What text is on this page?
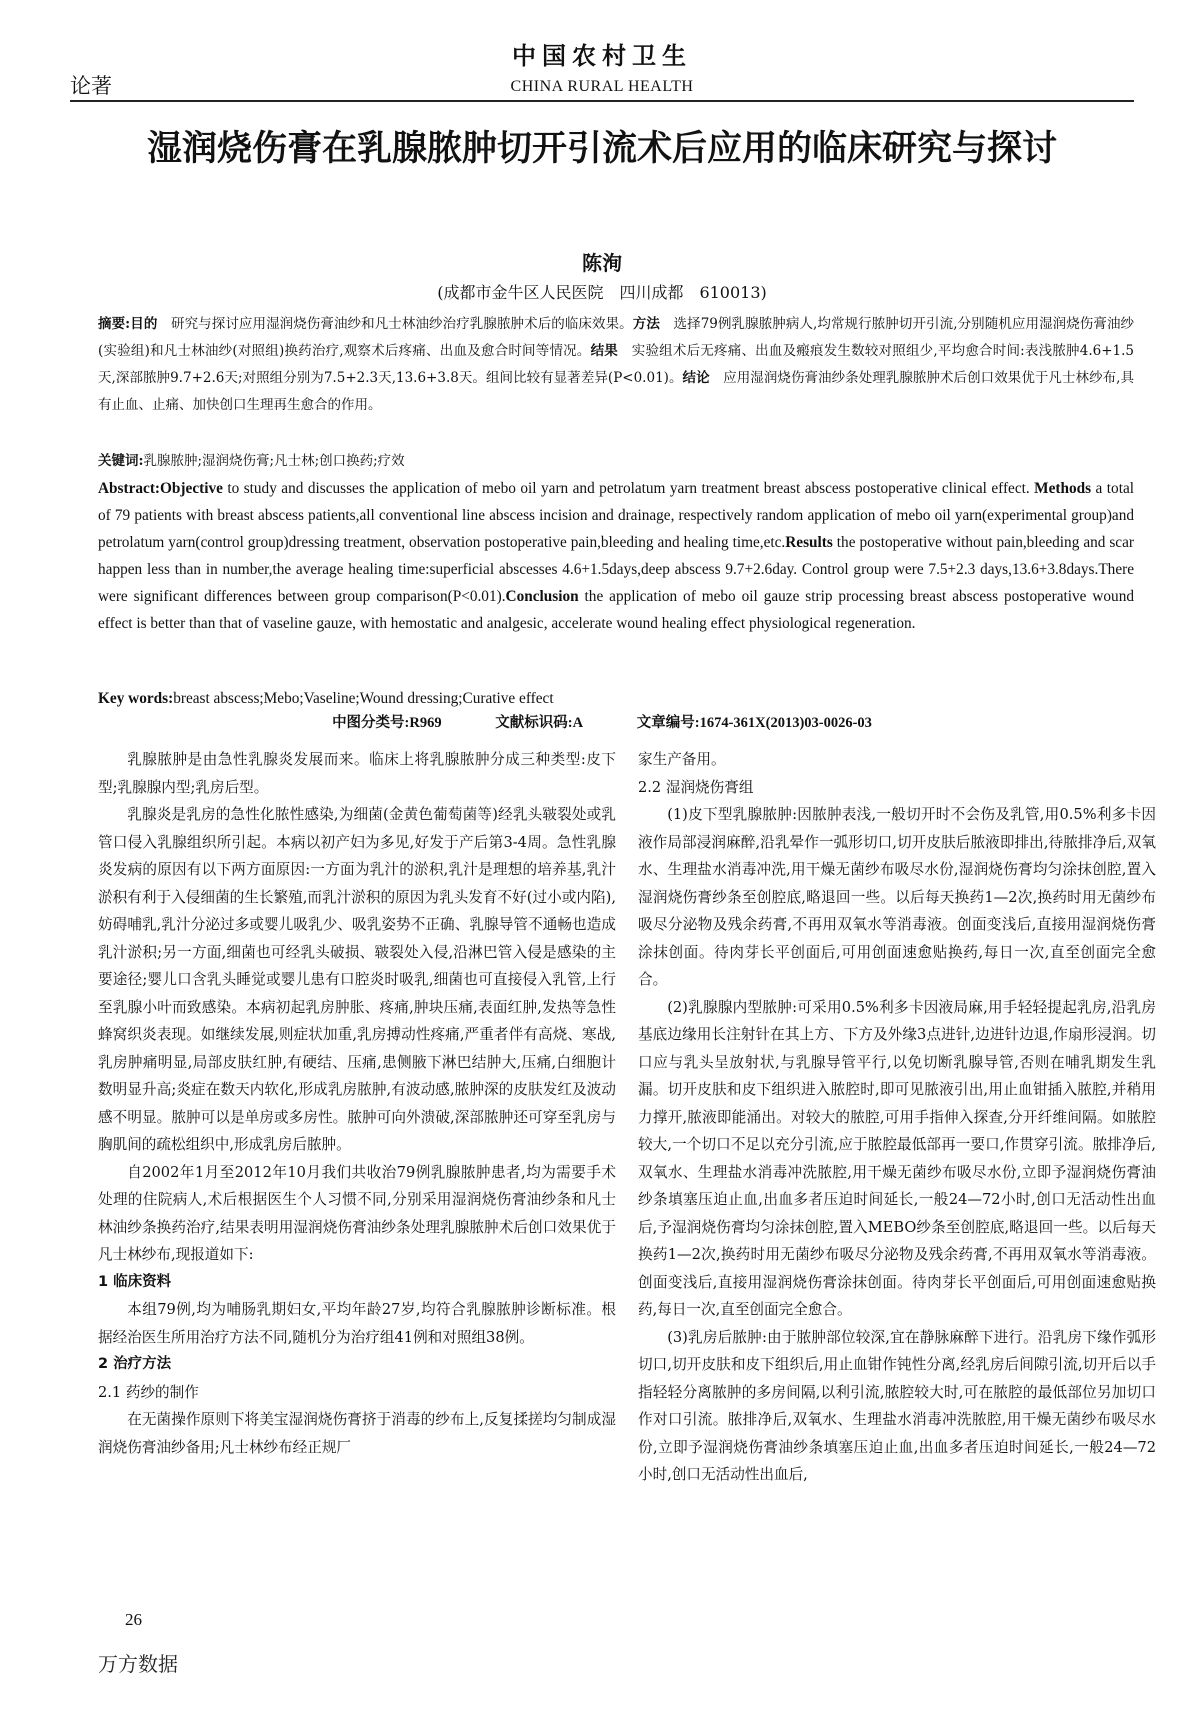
中国农村卫生
论著	CHINA RURAL HEALTH
湿润烧伤膏在乳腺脓肿切开引流术后应用的临床研究与探讨
陈洵
(成都市金牛区人民医院　四川成都　610013)
摘要:目的　 研究与探讨应用湿润烧伤膏油纱和凡士林油纱治疗乳腺脓肿术后的临床效果。方法　 选择79例乳腺脓肿病人,均常规行脓肿切开引流,分别随机应用湿润烧伤膏油纱(实验组)和凡士林油纱(对照组)换药治疗,观察术后疼痛、出血及愈合时间等情况。结果　 实验组术后无疼痛、出血及瘢痕发生数较对照组少,平均愈合时间:表浅脓肿4.6+1.5天,深部脓肿9.7+2.6天;对照组分别为7.5+2.3天,13.6+3.8天。组间比较有显著差异(P<0.01)。结论　 应用湿润烧伤膏油纱条处理乳腺脓肿术后创口效果优于凡士林纱布,具有止血、止痛、加快创口生理再生愈合的作用。
关键词:乳腺脓肿;湿润烧伤膏;凡士林;创口换药;疗效
Abstract:Objective to study and discusses the application of mebo oil yarn and petrolatum yarn treatment breast abscess postoperative clinical effect. Methods a total of 79 patients with breast abscess patients,all conventional line abscess incision and drainage, respectively random application of mebo oil yarn(experimental group)and petrolatum yarn(control group)dressing treatment, observation postoperative pain,bleeding and healing time,etc.Results the postoperative without pain,bleeding and scar happen less than in number,the average healing time:superficial abscesses 4.6+1.5days,deep abscess 9.7+2.6day. Control group were 7.5+2.3 days,13.6+3.8days.There were significant differences between group comparison(P<0.01).Conclusion the application of mebo oil gauze strip processing breast abscess postoperative wound effect is better than that of vaseline gauze, with hemostatic and analgesic, accelerate wound healing effect physiological regeneration.
Key words:breast abscess;Mebo;Vaseline;Wound dressing;Curative effect
中图分类号:R969	文献标识码:A	文章编号:1674-361X(2013)03-0026-03

乳腺脓肿是由急性乳腺炎发展而来。临床上将乳腺脓肿分成三种类型:皮下型;乳腺腺内型;乳房后型。

乳腺炎是乳房的急性化脓性感染,为细菌(金黄色葡萄菌等)经乳头皲裂处或乳管口侵入乳腺组织所引起。本病以初产妇为多见,好发于产后第3-4周。急性乳腺炎发病的原因有以下两方面原因:一方面为乳汁的淤积,乳汁是理想的培养基,乳汁淤积有利于入侵细菌的生长繁殖,而乳汁淤积的原因为乳头发育不好(过小或内陷),妨碍哺乳,乳汁分泌过多或婴儿吸乳少、吸乳姿势不正确、乳腺导管不通畅也造成乳汁淤积;另一方面,细菌也可经乳头破损、皲裂处入侵,沿淋巴管入侵是感染的主要途径;婴儿口含乳头睡觉或婴儿患有口腔炎时吸乳,细菌也可直接侵入乳管,上行至乳腺小叶而致感染。本病初起乳房肿胀、疼痛,肿块压痛,表面红肿,发热等急性蜂窝织炎表现。如继续发展,则症状加重,乳房搏动性疼痛,严重者伴有高烧、寒战,乳房肿痛明显,局部皮肤红肿,有硬结、压痛,患侧腋下淋巴结肿大,压痛,白细胞计数明显升高;炎症在数天内软化,形成乳房脓肿,有波动感,脓肿深的皮肤发红及波动感不明显。脓肿可以是单房或多房性。脓肿可向外溃破,深部脓肿还可穿至乳房与胸肌间的疏松组织中,形成乳房后脓肿。

自2002年1月至2012年10月我们共收治79例乳腺脓肿患者,均为需要手术处理的住院病人,术后根据医生个人习惯不同,分别采用湿润烧伤膏油纱条和凡士林油纱条换药治疗,结果表明用湿润烧伤膏油纱条处理乳腺脓肿术后创口效果优于凡士林纱布,现报道如下:

1 临床资料

本组79例,均为哺肠乳期妇女,平均年龄27岁,均符合乳腺脓肿诊断标准。根据经治医生所用治疗方法不同,随机分为治疗组41例和对照组38例。

2 治疗方法

2.1 药纱的制作

在无菌操作原则下将美宝湿润烧伤膏挤于消毒的纱布上,反复揉搓均匀制成湿润烧伤膏油纱备用;凡士林纱布经正规厂

家生产备用。

2.2 湿润烧伤膏组

(1)皮下型乳腺脓肿:因脓肿表浅,一般切开时不会伤及乳管,用0.5%利多卡因液作局部浸润麻醉,沿乳晕作一弧形切口,切开皮肤后脓液即排出,待脓排净后,双氧水、生理盐水消毒冲洗,用干燥无菌纱布吸尽水份,湿润烧伤膏均匀涂抹创腔,置入湿润烧伤膏纱条至创腔底,略退回一些。以后每天换药1—2次,换药时用无菌纱布吸尽分泌物及残余药膏,不再用双氧水等消毒液。创面变浅后,直接用湿润烧伤膏涂抹创面。待肉芽长平创面后,可用创面速愈贴换药,每日一次,直至创面完全愈合。

(2)乳腺腺内型脓肿:可采用0.5%利多卡因液局麻,用手轻轻提起乳房,沿乳房基底边缘用长注射针在其上方、下方及外缘3点进针,边进针边退,作扇形浸润。切口应与乳头呈放射状,与乳腺导管平行,以免切断乳腺导管,否则在哺乳期发生乳漏。切开皮肤和皮下组织进入脓腔时,即可见脓液引出,用止血钳插入脓腔,并稍用力撑开,脓液即能涌出。对较大的脓腔,可用手指伸入探查,分开纤维间隔。如脓腔较大,一个切口不足以充分引流,应于脓腔最低部再一要口,作贯穿引流。脓排净后,双氧水、生理盐水消毒冲洗脓腔,用干燥无菌纱布吸尽水份,立即予湿润烧伤膏油纱条填塞压迫止血,出血多者压迫时间延长,一般24—72小时,创口无活动性出血后,予湿润烧伤膏均匀涂抹创腔,置入MEBO纱条至创腔底,略退回一些。以后每天换药1—2次,换药时用无菌纱布吸尽分泌物及残余药膏,不再用双氧水等消毒液。创面变浅后,直接用湿润烧伤膏涂抹创面。待肉芽长平创面后,可用创面速愈贴换药,每日一次,直至创面完全愈合。

(3)乳房后脓肿:由于脓肿部位较深,宜在静脉麻醉下进行。沿乳房下缘作弧形切口,切开皮肤和皮下组织后,用止血钳作钝性分离,经乳房后间隙引流,切开后以手指轻轻分离脓肿的多房间隔,以利引流,脓腔较大时,可在脓腔的最低部位另加切口作对口引流。脓排净后,双氧水、生理盐水消毒冲洗脓腔,用干燥无菌纱布吸尽水份,立即予湿润烧伤膏油纱条填塞压迫止血,出血多者压迫时间延长,一般24—72小时,创口无活动性出血后,

26
万方数据
